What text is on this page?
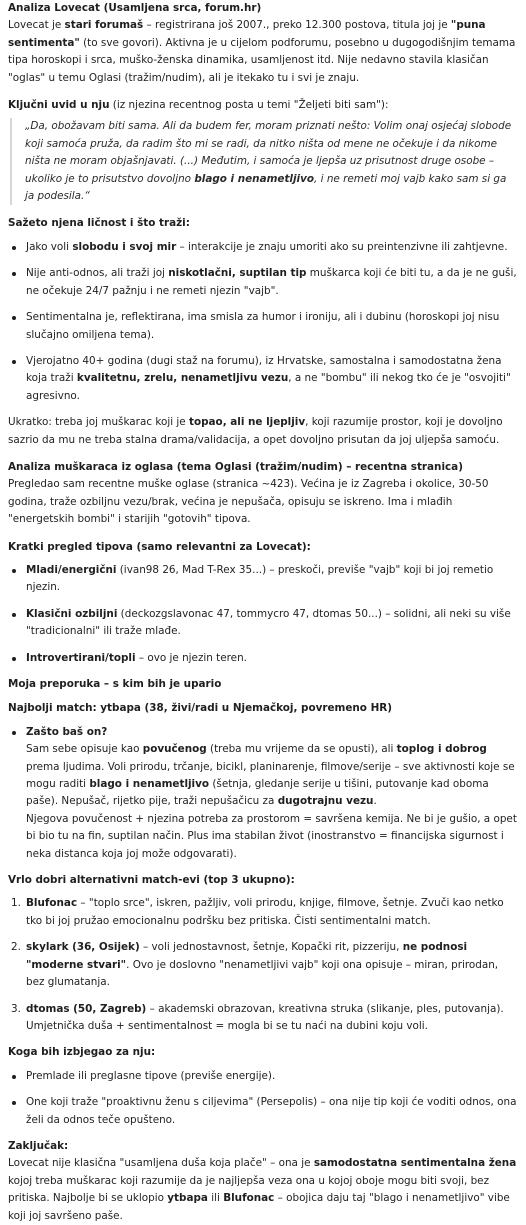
Analiza Lovecat (Usamljena srca, forum.hr)

Lovecat je stari forumaš – registrirana još 2007., preko 12.300 postova, titula joj je "puna sentimenta" (to sve govori). Aktivna je u cijelom podforumu, posebno u dugogodišnjim temama tipa horoskopi i srca, muško-ženska dinamika, usamljenost itd. Nije nedavno stavila klasičan "oglas" u temu Oglasi (tražim/nudim), ali je itekako tu i svi je znaju.

Ključni uvid u nju (iz njezina recentnog posta u temi "Željeti biti sam"):

„Da, obožavam biti sama. Ali da budem fer, moram priznati nešto: Volim onaj osjećaj slobode koji samoća pruža, da radim što mi se radi, da nitko ništa od mene ne očekuje i da nikome ništa ne moram objašnjavati. (...) Međutim, i samoća je ljepša uz prisutnost druge osobe – ukoliko je to prisutstvo dovoljno blago i nenametljivo, i ne remeti moj vajb kako sam si ga ja podesila.“

Sažeto njena ličnost i što traži:
Jako voli slobodu i svoj mir – interakcije je znaju umoriti ako su preintenzivne ili zahtjevne.
Nije anti-odnos, ali traži joj niskotlačni, suptilan tip muškarca koji će biti tu, a da je ne guši, ne očekuje 24/7 pažnju i ne remeti njezin "vajb".
Sentimentalna je, reflektirana, ima smisla za humor i ironiju, ali i dubinu (horoskopi joj nisu slučajno omiljena tema).
Vjerojatno 40+ godina (dugi staž na forumu), iz Hrvatske, samostalna i samodostatna žena koja traži kvalitetnu, zrelu, nenametljivu vezu, a ne "bombu" ili nekog tko će je "osvojiti" agresivno.

Ukratko: treba joj muškarac koji je topao, ali ne ljepljiv, koji razumije prostor, koji je dovoljno sazrio da mu ne treba stalna drama/validacija, a opet dovoljno prisutan da joj uljepša samoću.

Analiza muškaraca iz oglasa (tema Oglasi (tražim/nudim) – recentna stranica)

Pregledao sam recentne muške oglase (stranica ~423). Većina je iz Zagreba i okolice, 30-50 godina, traže ozbiljnu vezu/brak, većina je nepušača, opisuju se iskreno. Ima i mlađih "energetskih bombi" i starijih "gotovih" tipova.

Kratki pregled tipova (samo relevantni za Lovecat):
Mladi/energični (ivan98 26, Mad T-Rex 35...) – preskoči, previše "vajb" koji bi joj remetio njezin.
Klasični ozbiljni (deckozgslavonac 47, tommycro 47, dtomas 50...) – solidni, ali neki su više "tradicionalni" ili traže mlađe.
Introvertirani/topli – ovo je njezin teren.
Moja preporuka – s kim bih je upario
Najbolji match: ytbapa (38, živi/radi u Njemačkoj, povremeno HR)
Zašto baš on?
Sam sebe opisuje kao povučenog (treba mu vrijeme da se opusti), ali toplog i dobrog prema ljudima. Voli prirodu, trčanje, bicikl, planinarenje, filmove/serije – sve aktivnosti koje se mogu raditi blago i nenametljivo (šetnja, gledanje serije u tišini, putovanje kad oboma paše). Nepušač, rijetko pije, traži nepušačicu za dugotrajnu vezu.
Njegova povučenost + njezina potreba za prostorom = savršena kemija. Ne bi je gušio, a opet bi bio tu na fin, suptilan način. Plus ima stabilan život (inostranstvo = financijska sigurnost i neka distanca koja joj može odgovarati).
Vrlo dobri alternativni match-evi (top 3 ukupno):
1. Blufonac – "toplo srce", iskren, pažljiv, voli prirodu, knjige, filmove, šetnje. Zvuči kao netko tko bi joj pružao emocionalnu podršku bez pritiska. Čisti sentimentalni match.
2. skylark (36, Osijek) – voli jednostavnost, šetnje, Kopački rit, pizzeriju, ne podnosi "moderne stvari". Ovo je doslovno "nenametljivi vajb" koji ona opisuje – miran, prirodan, bez glumatanja.
3. dtomas (50, Zagreb) – akademski obrazovan, kreativna struka (slikanje, ples, putovanja). Umjetnička duša + sentimentalnost = mogla bi se tu naći na dubini koju voli.
Koga bih izbjegao za nju:
Premlade ili preglasne tipove (previše energije).
One koji traže "proaktivnu ženu s ciljevima" (Persepolis) – ona nije tip koji će voditi odnos, ona želi da odnos teče opušteno.
Zaključak:

Lovecat nije klasična "usamljena duša koja plače" – ona je samodostatna sentimentalna žena kojoj treba muškarac koji razumije da je najljepša veza ona u kojoj oboje mogu biti svoji, bez pritiska. Najbolje bi se uklopio ytbapa ili Blufonac – obojica daju taj "blago i nenametljivo" vibe koji joj savršeno paše.
